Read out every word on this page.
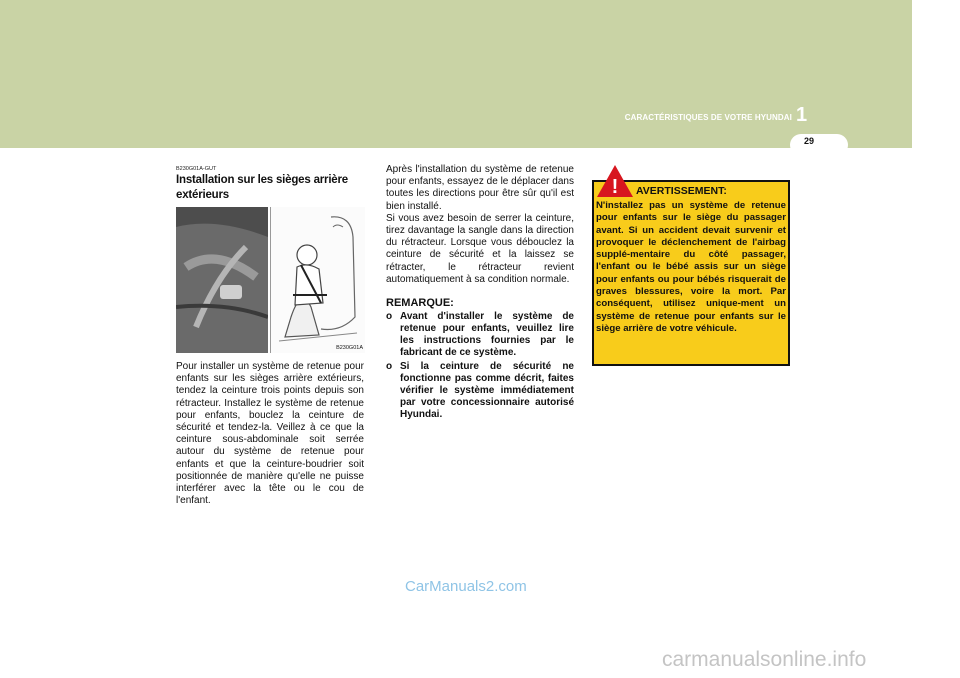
CARACTÉRISTIQUES DE VOTRE HYUNDAI 1
29

B230G01A-GUT

Installation sur les sièges arrière extérieurs
B230G01A

Pour installer un système de retenue pour enfants sur les sièges arrière extérieurs, tendez la ceinture trois points depuis son rétracteur. Installez le système de retenue pour enfants, bouclez la ceinture de sécurité et tendez-la. Veillez à ce que la ceinture sous-abdominale soit serrée autour du système de retenue pour enfants et que la ceinture-boudrier soit positionnée de manière qu'elle ne puisse interférer avec la tête ou le cou de l'enfant.

Après l'installation du système de retenue pour enfants, essayez de le déplacer dans toutes les directions pour être sûr qu'il est bien installé.

Si vous avez besoin de serrer la ceinture, tirez davantage la sangle dans la direction du rétracteur. Lorsque vous débouclez la ceinture de sécurité et la laissez se rétracter, le rétracteur revient automatiquement à sa condition normale.

REMARQUE:
o Avant d'installer le système de retenue pour enfants, veuillez lire les instructions fournies par le fabricant de ce système.
o Si la ceinture de sécurité ne fonctionne pas comme décrit, faites vérifier le système immédiatement par votre concessionnaire autorisé Hyundai.
! AVERTISSEMENT:

N'installez pas un système de retenue pour enfants sur le siège du passager avant. Si un accident devait survenir et provoquer le déclenchement de l'airbag supplé-mentaire du côté passager, l'enfant ou le bébé assis sur un siège pour enfants ou pour bébés risquerait de graves blessures, voire la mort. Par conséquent, utilisez unique-ment un système de retenue pour enfants sur le siège arrière de votre véhicule.

CarManuals2.com
carmanualsonline.info
